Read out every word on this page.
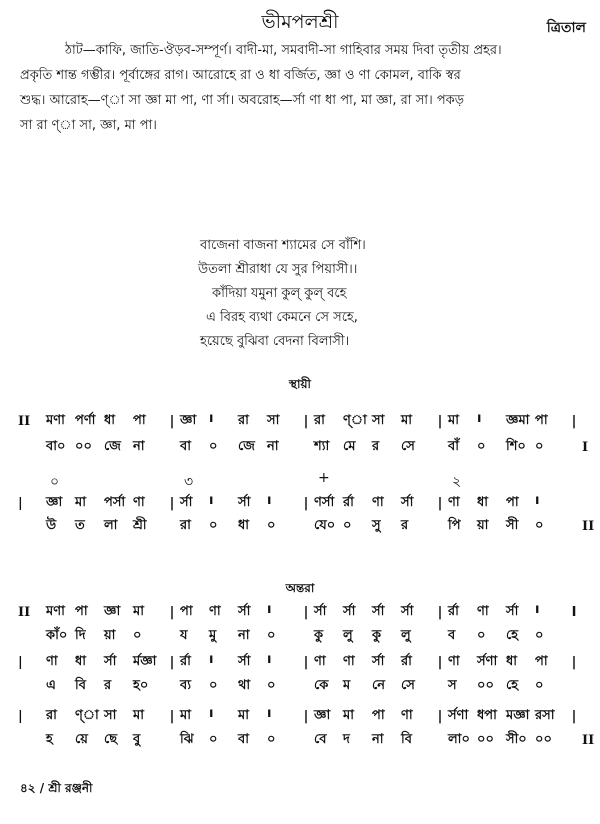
ভীমপলশ্রী	ত্রিতাল

ঠাট—কাফি, জাতি-ঔড়ব-সম্পূর্ণ। বাদী-মা, সমবাদী-সা গাহিবার সময় দিবা তৃতীয় প্রহর।

প্রকৃতি শান্ত গম্ভীর। পূর্বাঙ্গের রাগ। আরোহে রা ও ধা বর্জিত, জ্ঞা ও ণা কোমল, বাকি স্বর

শুদ্ধ। আরোহ—ণ্‌া সা জ্ঞা মা পা, ণা র্সা। অবরোহ—র্সা ণা ধা পা, মা জ্ঞা, রা সা। পকড়

সা রা ণ্‌া সা, জ্ঞা, মা পা।

বাজেনা বাজনা শ্যামের সে বাঁশি।
উতলা শ্রীরাধা যে সুর পিয়াসী।।
কাঁদিয়া যমুনা কুল্‌ কুল্‌ বহে
এ বিরহ ব্যথা কেমনে সে সহে,
হয়েছে বুঝিবা বেদনা বিলাসী।
স্থায়ী
অন্তরা
II	মণা পর্ণা ধা	পা	| জ্ঞা ı	রা	সা	| রা	ণ্‌া সা	মা	| মা	ı	জ্ঞমা পা	|
বা০ ০০ জে না	বা	০	জে না	শ্যা	মে	র	সে	বাঁ	০	শি০ ০	I
|	জ্ঞা মা	পর্সা ণা	| র্সা	ı	র্সা	ı	| ণর্সা র্রা	ণা	র্সা	| ণা	ধা	পা	ı
উ	ত	লা	শ্রী	রা	০	ধা	০	যে০ ০	সু	র	পি	য়া	সী	০	II
০	৩	+	২
II	মণা পা	জ্ঞা মা	| পা	ণা	র্সা	ı	| র্সা	র্সা	র্সা	র্সা	| র্রা	ণা	র্সা	ı	I
কাঁ০ দি	য়া	০	য	মু	না	০	কু	লু	কু	লু	ব	০	হে	০
|	ণা	ধা	র্সা	র্মজ্ঞা	| র্রা	ı	র্সা	ı	| ণা	ণা	র্সা	র্রা	| ণা	র্সণা ধা	পা	|
এ	বি	র	হ০	ব্য	০	থা	০	কে	ম	নে	সে	স	০০ হে	০
|	রা	ণ্‌া সা	মা	| মা	ı	মা	ı	| জ্ঞা মা	পা	ণা	| র্সণা ধপা মজ্ঞা রসা	|
হ	য়ে	ছে	বু	ঝি	০	বা	০	বে	দ	না	বি	লা০ ০০ সী০ ০০	II
৪২ / শ্রী রঞ্জনী
